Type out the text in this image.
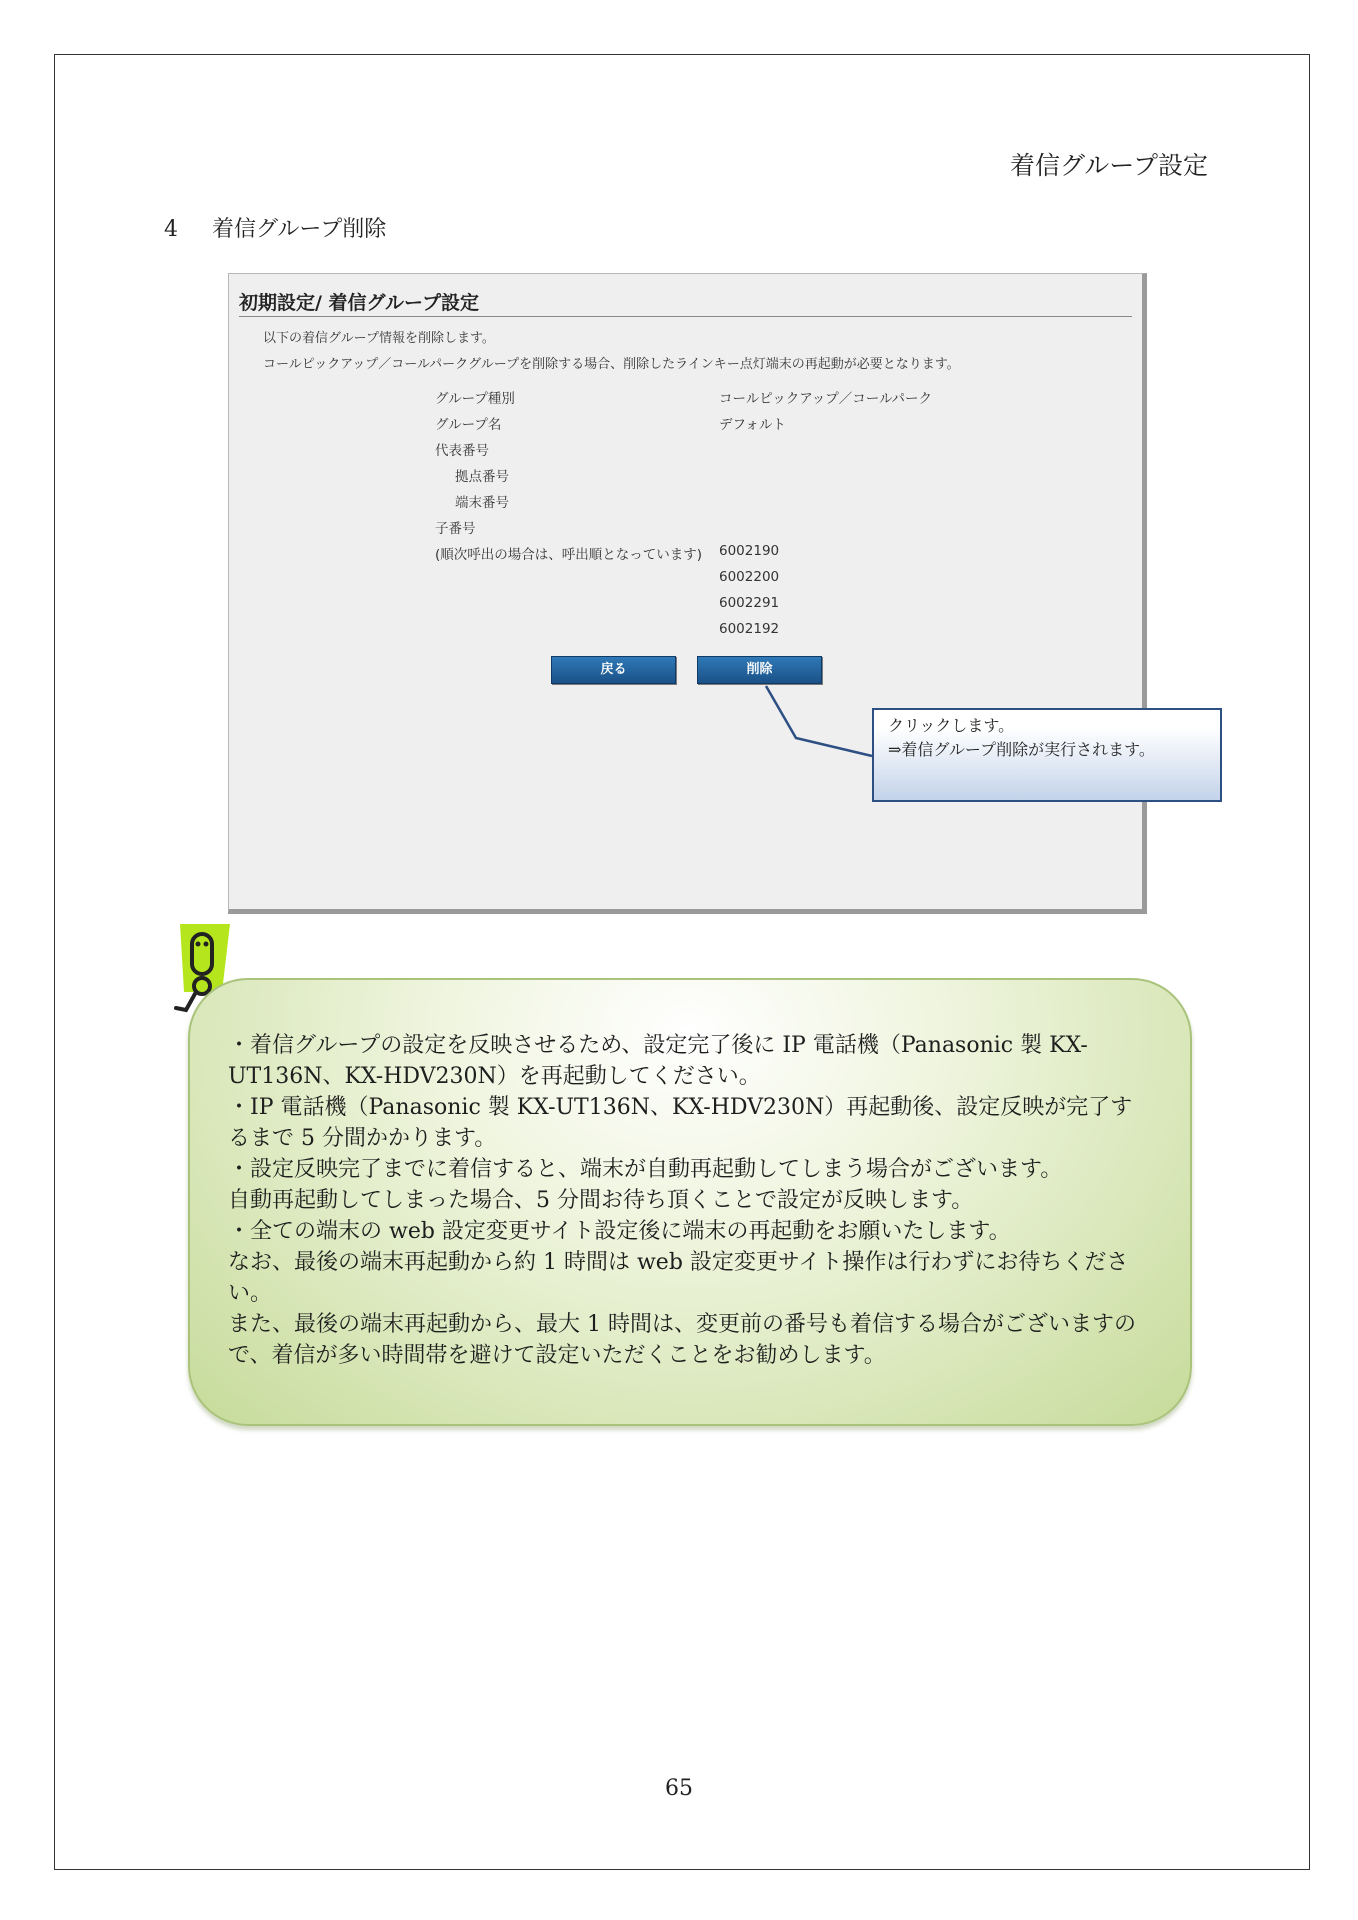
着信グループ設定
4 着信グループ削除
初期設定/ 着信グループ設定
以下の着信グループ情報を削除します。
コールピックアップ／コールパークグループを削除する場合、削除したラインキー点灯端末の再起動が必要となります。
グループ種別	コールピックアップ／コールパーク
グループ名	デフォルト
代表番号
拠点番号
端末番号
子番号
(順次呼出の場合は、呼出順となっています) 6002190
6002200
6002291
6002192
戻る	削除
クリックします。
⇒着信グループ削除が実行されます。

・着信グループの設定を反映させるため、設定完了後に IP 電話機（Panasonic 製 KX-UT136N、KX-HDV230N）を再起動してください。

・IP 電話機（Panasonic 製 KX-UT136N、KX-HDV230N）再起動後、設定反映が完了するまで 5 分間かかります。

・設定反映完了までに着信すると、端末が自動再起動してしまう場合がございます。

自動再起動してしまった場合、5 分間お待ち頂くことで設定が反映します。

・全ての端末の web 設定変更サイト設定後に端末の再起動をお願いたします。

なお、最後の端末再起動から約 1 時間は web 設定変更サイト操作は行わずにお待ちください。

また、最後の端末再起動から、最大 1 時間は、変更前の番号も着信する場合がございますので、着信が多い時間帯を避けて設定いただくことをお勧めします。

65
